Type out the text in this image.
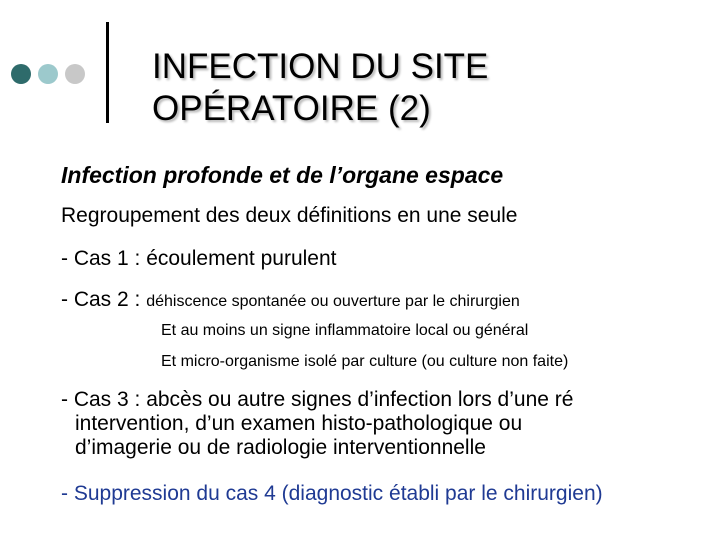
INFECTION DU SITE
OPÉRATOIRE (2)
Infection profonde et de l’organe espace
Regroupement des deux définitions en une seule
- Cas 1 : écoulement purulent
- Cas 2 : déhiscence spontanée ou ouverture par le chirurgien
Et au moins un signe inflammatoire local ou général
Et micro-organisme isolé par culture (ou culture non faite)
- Cas 3 : abcès ou autre signes d’infection lors d’une ré
intervention, d’un examen histo-pathologique ou
d’imagerie ou de radiologie interventionnelle
- Suppression du cas 4 (diagnostic établi par le chirurgien)
